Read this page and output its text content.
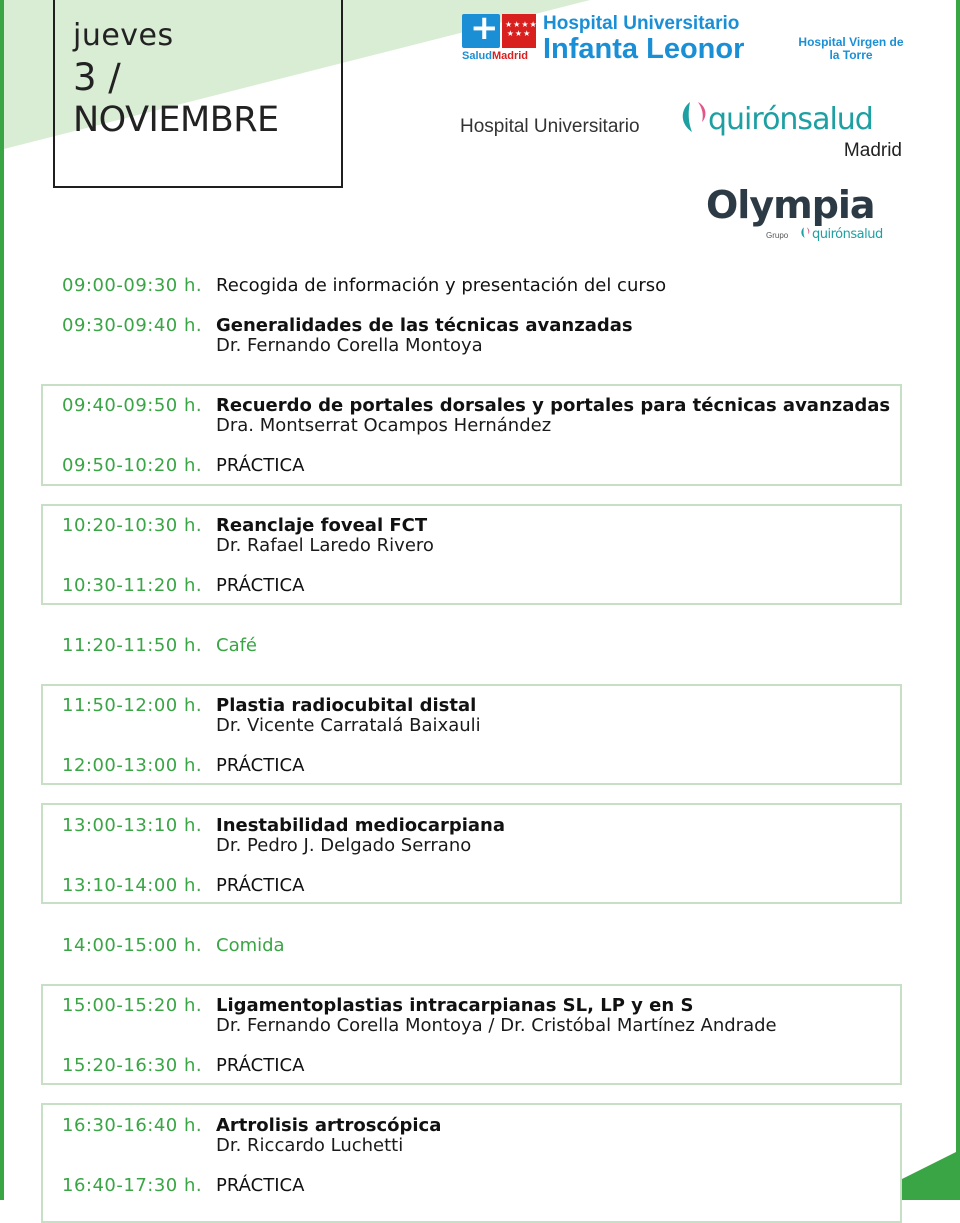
jueves
3 /
NOVIEMBRE
+
★★★★
★★★
SaludMadrid
Hospital Universitario
Infanta Leonor	Hospital Virgen de la Torre
Hospital Universitario quirónsalud
Madrid
Olympia
Grupo quirónsalud
09:00-09:30 h. Recogida de información y presentación del curso
09:30-09:40 h. Generalidades de las técnicas avanzadas
Dr. Fernando Corella Montoya
09:40-09:50 h. Recuerdo de portales dorsales y portales para técnicas avanzadas
Dra. Montserrat Ocampos Hernández
09:50-10:20 h. PRÁCTICA
10:20-10:30 h. Reanclaje foveal FCT
Dr. Rafael Laredo Rivero
10:30-11:20 h. PRÁCTICA
11:20-11:50 h. Café
11:50-12:00 h. Plastia radiocubital distal
Dr. Vicente Carratalá Baixauli
12:00-13:00 h. PRÁCTICA
13:00-13:10 h. Inestabilidad mediocarpiana
Dr. Pedro J. Delgado Serrano
13:10-14:00 h. PRÁCTICA
14:00-15:00 h. Comida
15:00-15:20 h. Ligamentoplastias intracarpianas SL, LP y en S
Dr. Fernando Corella Montoya / Dr. Cristóbal Martínez Andrade
15:20-16:30 h. PRÁCTICA
16:30-16:40 h. Artrolisis artroscópica
Dr. Riccardo Luchetti
16:40-17:30 h. PRÁCTICA
